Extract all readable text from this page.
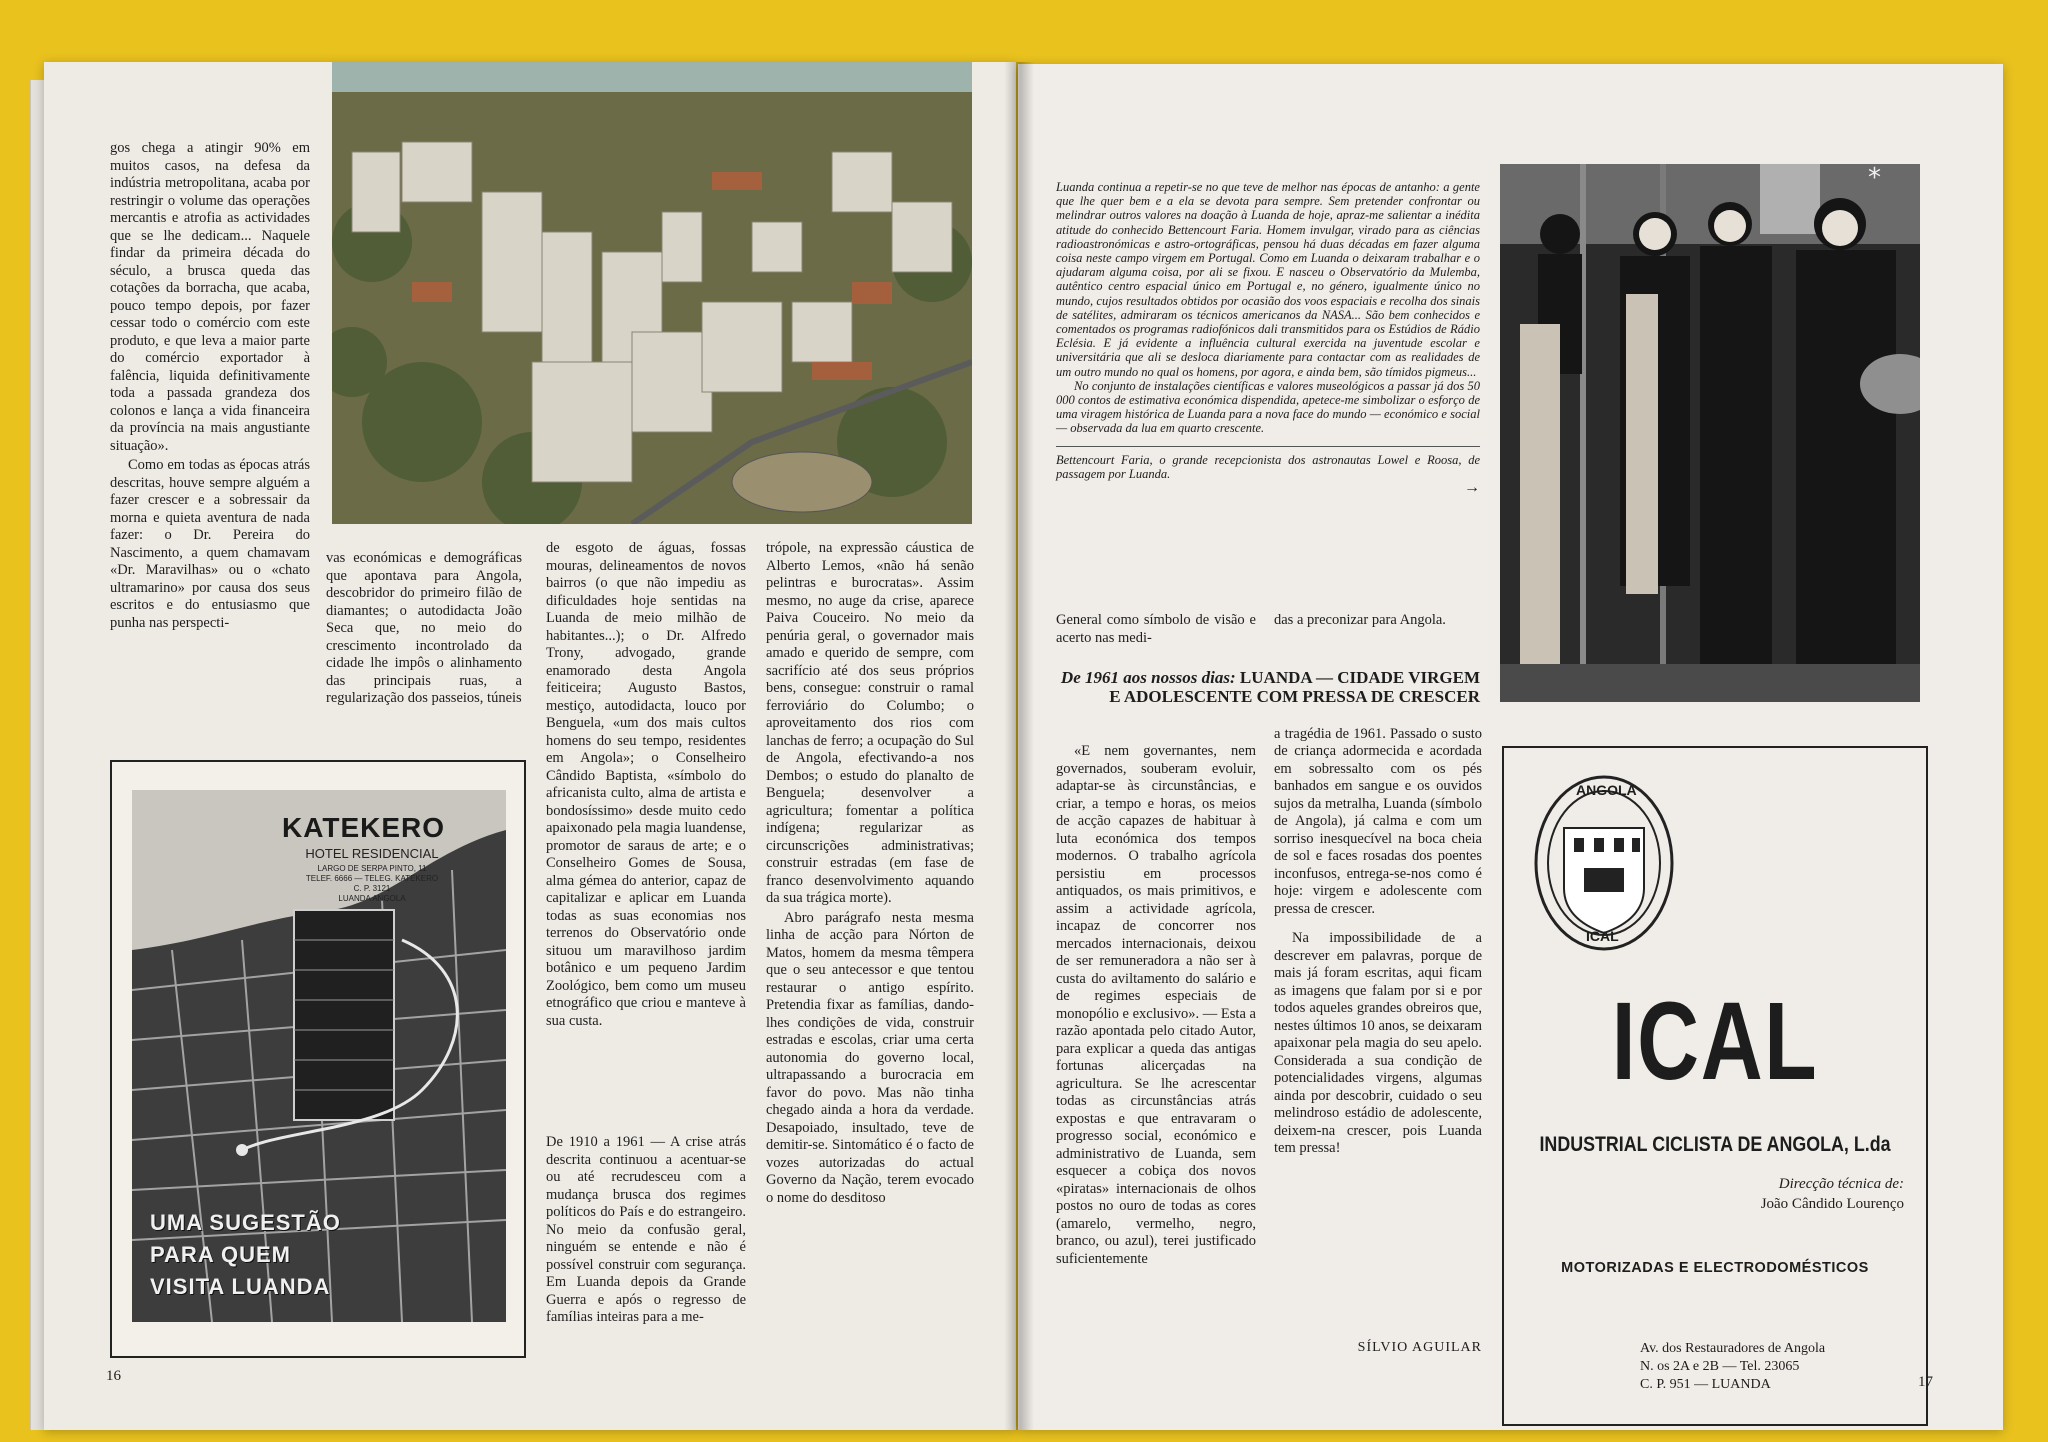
gos chega a atingir 90% em muitos casos, na defesa da indústria metropolitana, acaba por restringir o volume das operações mercantis e atrofia as actividades que se lhe dedicam... Naquele findar da primeira década do século, a brusca queda das cotações da borracha, que acaba, pouco tempo depois, por fazer cessar todo o comércio com este produto, e que leva a maior parte do comércio exportador à falência, liquida definitivamente toda a passada grandeza dos colonos e lança a vida financeira da província na mais angustiante situação».

Como em todas as épocas atrás descritas, houve sempre alguém a fazer crescer e a sobressair da morna e quieta aventura de nada fazer: o Dr. Pereira do Nascimento, a quem chamavam «Dr. Maravilhas» ou o «chato ultramarino» por causa dos seus escritos e do entusiasmo que punha nas perspecti-

vas económicas e demográficas que apontava para Angola, descobridor do primeiro filão de diamantes; o autodidacta João Seca que, no meio do crescimento incontrolado da cidade lhe impôs o alinhamento das principais ruas, a regularização dos passeios, túneis

de esgoto de águas, fossas mouras, delineamentos de novos bairros (o que não impediu as dificuldades hoje sentidas na Luanda de meio milhão de habitantes...); o Dr. Alfredo Trony, advogado, grande enamorado desta Angola feiticeira; Augusto Bastos, mestiço, autodidacta, louco por Benguela, «um dos mais cultos homens do seu tempo, residentes em Angola»; o Conselheiro Cândido Baptista, «símbolo do africanista culto, alma de artista e bondosíssimo» desde muito cedo apaixonado pela magia luandense, promotor de saraus de arte; e o Conselheiro Gomes de Sousa, alma gémea do anterior, capaz de capitalizar e aplicar em Luanda todas as suas economias nos terrenos do Observatório onde situou um maravilhoso jardim botânico e um pequeno Jardim Zoológico, bem como um museu etnográfico que criou e manteve à sua custa.

De 1910 a 1961 — A crise atrás descrita continuou a acentuar-se ou até recrudesceu com a mudança brusca dos regimes políticos do País e do estrangeiro. No meio da confusão geral, ninguém se entende e não é possível construir com segurança. Em Luanda depois da Grande Guerra e após o regresso de famílias inteiras para a me-

trópole, na expressão cáustica de Alberto Lemos, «não há senão pelintras e burocratas». Assim mesmo, no auge da crise, aparece Paiva Couceiro. No meio da penúria geral, o governador mais amado e querido de sempre, com sacrifício até dos seus próprios bens, consegue: construir o ramal ferroviário do Columbo; o aproveitamento dos rios com lanchas de ferro; a ocupação do Sul de Angola, efectivando-a nos Dembos; o estudo do planalto de Benguela; desenvolver a agricultura; fomentar a política indígena; regularizar as circunscrições administrativas; construir estradas (em fase de franco desenvolvimento aquando da sua trágica morte).

Abro parágrafo nesta mesma linha de acção para Nórton de Matos, homem da mesma têmpera que o seu antecessor e que tentou restaurar o antigo espírito. Pretendia fixar as famílias, dando-lhes condições de vida, construir estradas e escolas, criar uma certa autonomia do governo local, ultrapassando a burocracia em favor do povo. Mas não tinha chegado ainda a hora da verdade. Desapoiado, insultado, teve de demitir-se. Sintomático é o facto de vozes autorizadas do actual Governo da Nação, terem evocado o nome do desditoso

KATEKERO
HOTEL RESIDENCIAL
LARGO DE SERPA PINTO, 11
TELEF. 6666 — TELEG. KATEKERO
C. P. 3121
LUANDA ANGOLA
UMA SUGESTÃO
PARA QUEM
VISITA LUANDA
16

Luanda continua a repetir-se no que teve de melhor nas épocas de antanho: a gente que lhe quer bem e a ela se devota para sempre. Sem pretender confrontar ou melindrar outros valores na doação à Luanda de hoje, apraz-me salientar a inédita atitude do conhecido Bettencourt Faria. Homem invulgar, virado para as ciências radioastronómicas e astro-ortográficas, pensou há duas décadas em fazer alguma coisa neste campo virgem em Portugal. Como em Luanda o deixaram trabalhar e o ajudaram alguma coisa, por ali se fixou. E nasceu o Observatório da Mulemba, autêntico centro espacial único em Portugal e, no género, igualmente único no mundo, cujos resultados obtidos por ocasião dos voos espaciais e recolha dos sinais de satélites, admiraram os técnicos americanos da NASA... São bem conhecidos e comentados os programas radiofónicos dali transmitidos para os Estúdios de Rádio Eclésia. E já evidente a influência cultural exercida na juventude escolar e universitária que ali se desloca diariamente para contactar com as realidades de um outro mundo no qual os homens, por agora, e ainda bem, são tímidos pigmeus...

No conjunto de instalações científicas e valores museológicos a passar já dos 50 000 contos de estimativa económica dispendida, apetece-me simbolizar o esforço de uma viragem histórica de Luanda para a nova face do mundo — económico e social — observada da lua em quarto crescente.

Bettencourt Faria, o grande recepcionista dos astronautas Lowel e Roosa, de passagem por Luanda.

→
*

General como símbolo de visão e acerto nas medi-

«E nem governantes, nem governados, souberam evoluir, adaptar-se às circunstâncias, e criar, a tempo e horas, os meios de acção capazes de habituar à luta económica dos tempos modernos. O trabalho agrícola persistiu em processos antiquados, os mais primitivos, e assim a actividade agrícola, incapaz de concorrer nos mercados internacionais, deixou de ser remuneradora a não ser à custa do aviltamento do salário e de regimes especiais de monopólio e exclusivo». — Esta a razão apontada pelo citado Autor, para explicar a queda das antigas fortunas alicerçadas na agricultura. Se lhe acrescentar todas as circunstâncias atrás expostas e que entravaram o progresso social, económico e administrativo de Luanda, sem esquecer a cobiça dos novos «piratas» internacionais de olhos postos no ouro de todas as cores (amarelo, vermelho, negro, branco, ou azul), terei justificado suficientemente

das a preconizar para Angola.

a tragédia de 1961. Passado o susto de criança adormecida e acordada em sobressalto com os pés banhados em sangue e os ouvidos sujos da metralha, Luanda (símbolo de Angola), já calma e com um sorriso inesquecível na boca cheia de sol e faces rosadas dos poentes inconfusos, entrega-se-nos como é hoje: virgem e adolescente com pressa de crescer.

Na impossibilidade de a descrever em palavras, porque de mais já foram escritas, aqui ficam as imagens que falam por si e por todos aqueles grandes obreiros que, nestes últimos 10 anos, se deixaram apaixonar pela magia do seu apelo. Considerada a sua condição de potencialidades virgens, algumas ainda por descobrir, cuidado o seu melindroso estádio de adolescente, deixem-na crescer, pois Luanda tem pressa!

De 1961 aos nossos dias: LUANDA — CIDADE VIRGEM E ADOLESCENTE COM PRESSA DE CRESCER
SÍLVIO AGUILAR
ANGOLA
ICAL
ICAL
INDUSTRIAL CICLISTA DE ANGOLA, L.da
Direcção técnica de:
João Cândido Lourenço
MOTORIZADAS E ELECTRODOMÉSTICOS
Av. dos Restauradores de Angola
N. os 2A e 2B — Tel. 23065
C. P. 951 — LUANDA	17
